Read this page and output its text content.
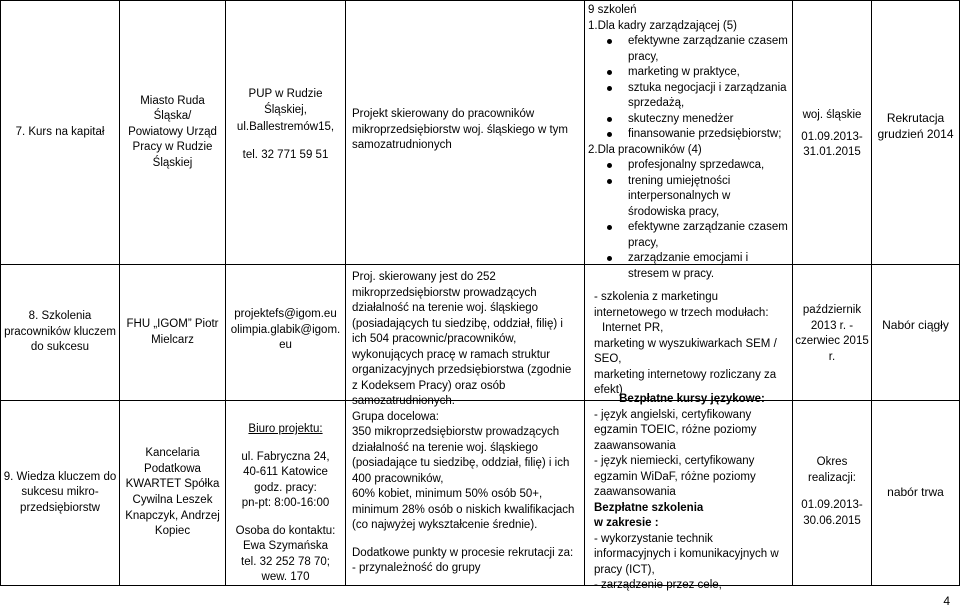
7. Kurs na kapitał
Miasto Ruda Śląska/ Powiatowy Urząd Pracy w Rudzie Śląskiej
PUP w Rudzie Śląskiej,
ul.Ballestremów15,
tel. 32 771 59 51
Projekt skierowany do pracowników mikroprzedsiębiorstw woj. śląskiego w tym samozatrudnionych
9 szkoleń
1.Dla kadry zarządzającej (5)
efektywne zarządzanie czasem pracy,
marketing w praktyce,
sztuka negocjacji i zarządzania sprzedażą,
skuteczny menedżer
finansowanie przedsiębiorstw;
2.Dla pracowników (4)
profesjonalny sprzedawca,
trening umiejętności interpersonalnych w środowiska pracy,
efektywne zarządzanie czasem pracy,
zarządzanie emocjami i stresem w pracy.
woj. śląskie
01.09.2013- 31.01.2015
Rekrutacja grudzień 2014
8. Szkolenia pracowników kluczem do sukcesu
FHU „IGOM” Piotr Mielcarz
projektefs@igom.eu
olimpia.glabik@igom.
eu
październik 2013 r. - czerwiec 2015 r.
Nabór ciągły
9. Wiedza kluczem do sukcesu mikro-przedsiębiorstw
Kancelaria Podatkowa KWARTET Spółka Cywilna Leszek Knapczyk, Andrzej Kopiec
Biuro projektu:
ul. Fabryczna 24,
40-611 Katowice
godz. pracy:
pn-pt: 8:00-16:00
Osoba do kontaktu:
Ewa Szymańska
tel. 32 252 78 70;
wew. 170
Okres realizacji:
01.09.2013- 30.06.2015
nabór trwa

Proj. skierowany jest do 252 mikroprzedsiębiorstw prowadzących działalność na terenie woj. śląskiego (posiadających tu siedzibę, oddział, filię) i ich 504 pracownic/pracowników, wykonujących pracę w ramach struktur organizacyjnych przedsiębiorstwa (zgodnie z Kodeksem Pracy) oraz osób samozatrudnionych.

Grupa docelowa:

350 mikroprzedsiębiorstw prowadzących działalność na terenie woj. śląskiego (posiadające tu siedzibę, oddział, filię) i ich 400 pracowników,

60% kobiet, minimum 50% osób 50+, minimum 28% osób o niskich kwalifikacjach (co najwyżej wykształcenie średnie).

Dodatkowe punkty w procesie rekrutacji za:

- przynależność do grupy

- szkolenia z marketingu internetowego w trzech modułach:
Internet PR,
marketing w wyszukiwarkach SEM / SEO,
marketing internetowy rozliczany za efekt)
Bezpłatne kursy językowe:
- język angielski, certyfikowany egzamin TOEIC, różne poziomy zaawansowania
- język niemiecki, certyfikowany egzamin WiDaF, różne poziomy zaawansowania
Bezpłatne szkolenia
w zakresie :
- wykorzystanie technik informacyjnych i komunikacyjnych w pracy (ICT),
- zarządzenie przez cele,
4
